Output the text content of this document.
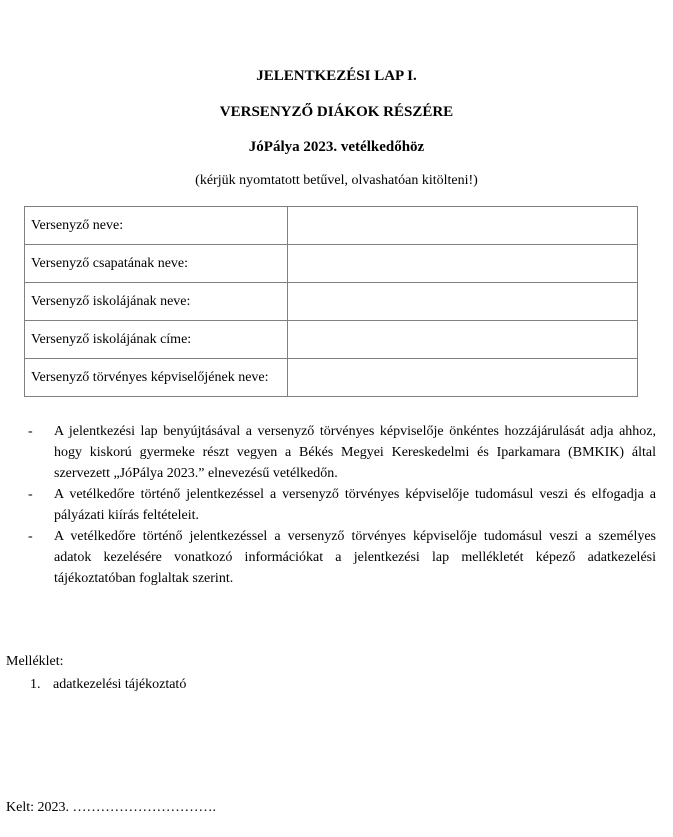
JELENTKEZÉSI LAP I.
VERSENYZŐ DIÁKOK RÉSZÉRE
JóPálya 2023. vetélkedőhöz
(kérjük nyomtatott betűvel, olvashatóan kitölteni!)
Versenyző neve:	
Versenyző csapatának neve:	
Versenyző iskolájának neve:	
Versenyző iskolájának címe:	
Versenyző törvényes képviselőjének neve:	
-	A jelentkezési lap benyújtásával a versenyző törvényes képviselője önkéntes hozzájárulását adja ahhoz, hogy kiskorú gyermeke részt vegyen a Békés Megyei Kereskedelmi és Iparkamara (BMKIK) által szervezett „JóPálya 2023.” elnevezésű vetélkedőn.
-	A vetélkedőre történő jelentkezéssel a versenyző törvényes képviselője tudomásul veszi és elfogadja a pályázati kiírás feltételeit.
-	A vetélkedőre történő jelentkezéssel a versenyző törvényes képviselője tudomásul veszi a személyes adatok kezelésére vonatkozó információkat a jelentkezési lap mellékletét képező adatkezelési tájékoztatóban foglaltak szerint.
Melléklet:
1. adatkezelési tájékoztató
Kelt: 2023. ………………………….
